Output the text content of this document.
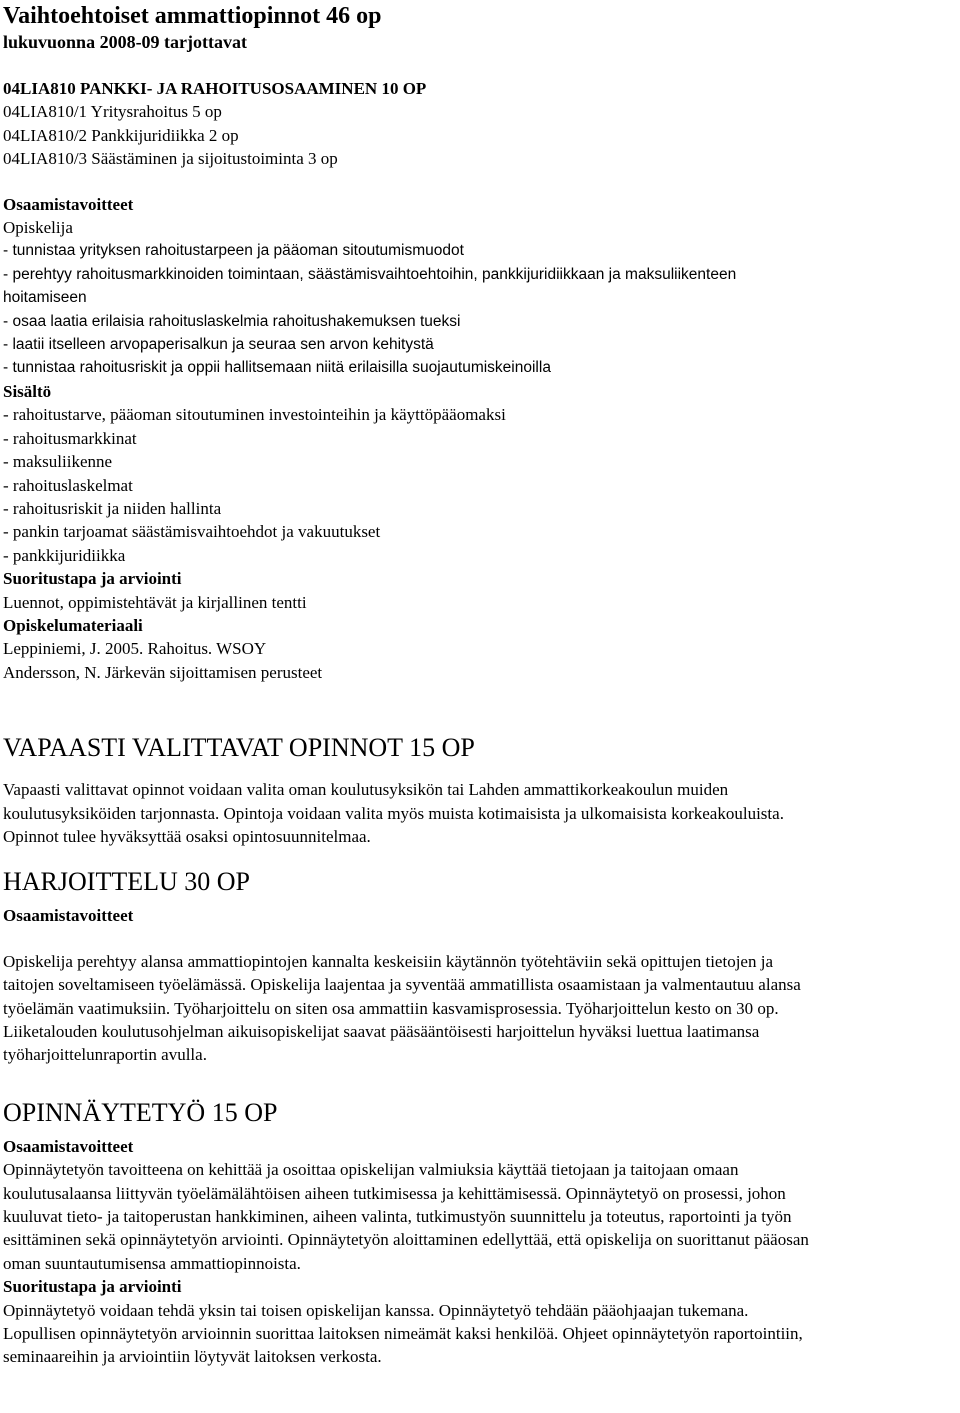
Vaihtoehtoiset ammattiopinnot 46 op
lukuvuonna 2008-09 tarjottavat
04LIA810 PANKKI- JA RAHOITUSOSAAMINEN 10 OP
04LIA810/1 Yritysrahoitus 5 op
04LIA810/2 Pankkijuridiikka 2 op
04LIA810/3 Säästäminen ja sijoitustoiminta 3 op
Osaamistavoitteet
Opiskelija
- tunnistaa yrityksen rahoitustarpeen ja pääoman sitoutumismuodot
- perehtyy rahoitusmarkkinoiden toimintaan, säästämisvaihtoehtoihin, pankkijuridiikkaan ja maksuliikenteen
hoitamiseen
- osaa laatia erilaisia rahoituslaskelmia rahoitushakemuksen tueksi
- laatii itselleen arvopaperisalkun ja seuraa sen arvon kehitystä
- tunnistaa rahoitusriskit ja oppii hallitsemaan niitä erilaisilla suojautumiskeinoilla
Sisältö
- rahoitustarve, pääoman sitoutuminen investointeihin ja käyttöpääomaksi
- rahoitusmarkkinat
- maksuliikenne
- rahoituslaskelmat
- rahoitusriskit ja niiden hallinta
- pankin tarjoamat säästämisvaihtoehdot ja vakuutukset
- pankkijuridiikka
Suoritustapa ja arviointi
Luennot, oppimistehtävät ja kirjallinen tentti
Opiskelumateriaali
Leppiniemi, J. 2005. Rahoitus. WSOY
Andersson, N. Järkevän sijoittamisen perusteet
VAPAASTI VALITTAVAT OPINNOT 15 OP
Vapaasti valittavat opinnot voidaan valita oman koulutusyksikön tai Lahden ammattikorkeakoulun muiden
koulutusyksiköiden tarjonnasta. Opintoja voidaan valita myös muista kotimaisista ja ulkomaisista korkeakouluista.
Opinnot tulee hyväksyttää osaksi opintosuunnitelmaa.
HARJOITTELU 30 OP
Osaamistavoitteet
Opiskelija perehtyy alansa ammattiopintojen kannalta keskeisiin käytännön työtehtäviin sekä opittujen tietojen ja
taitojen soveltamiseen työelämässä. Opiskelija laajentaa ja syventää ammatillista osaamistaan ja valmentautuu alansa
työelämän vaatimuksiin. Työharjoittelu on siten osa ammattiin kasvamisprosessia. Työharjoittelun kesto on 30 op.
Liiketalouden koulutusohjelman aikuisopiskelijat saavat pääsääntöisesti harjoittelun hyväksi luettua laatimansa
työharjoittelunraportin avulla.
OPINNÄYTETYÖ 15 OP
Osaamistavoitteet
Opinnäytetyön tavoitteena on kehittää ja osoittaa opiskelijan valmiuksia käyttää tietojaan ja taitojaan omaan
koulutusalaansa liittyvän työelämälähtöisen aiheen tutkimisessa ja kehittämisessä. Opinnäytetyö on prosessi, johon
kuuluvat tieto- ja taitoperustan hankkiminen, aiheen valinta, tutkimustyön suunnittelu ja toteutus, raportointi ja työn
esittäminen sekä opinnäytetyön arviointi. Opinnäytetyön aloittaminen edellyttää, että opiskelija on suorittanut pääosan
oman suuntautumisensa ammattiopinnoista.
Suoritustapa ja arviointi
Opinnäytetyö voidaan tehdä yksin tai toisen opiskelijan kanssa. Opinnäytetyö tehdään pääohjaajan tukemana.
Lopullisen opinnäytetyön arvioinnin suorittaa laitoksen nimeämät kaksi henkilöä. Ohjeet opinnäytetyön raportointiin,
seminaareihin ja arviointiin löytyvät laitoksen verkosta.
